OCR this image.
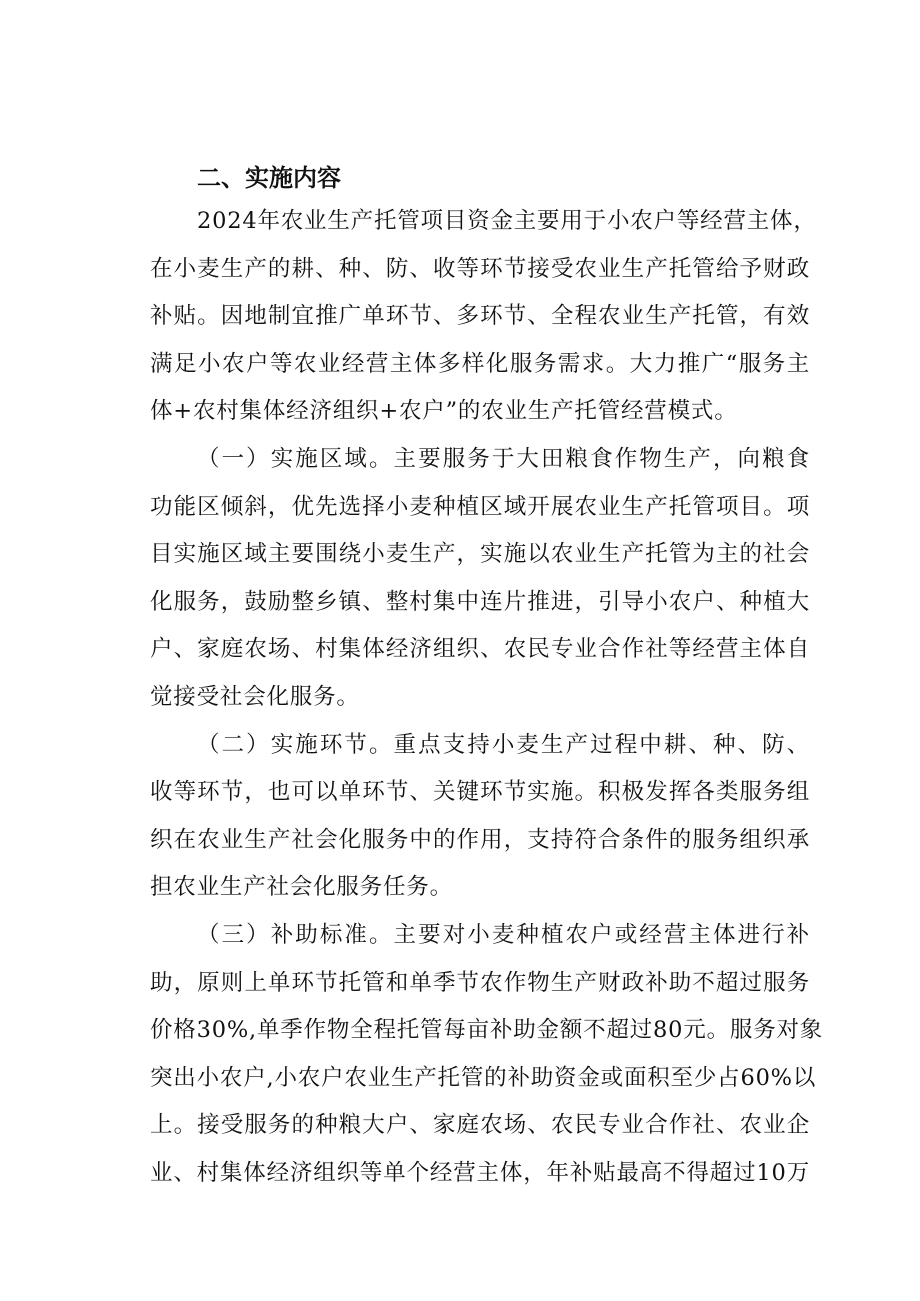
二、实施内容
2024年农业生产托管项目资金主要用于小农户等经营主体，
在小麦生产的耕、种、防、收等环节接受农业生产托管给予财政
补贴。因地制宜推广单环节、多环节、全程农业生产托管，有效
满足小农户等农业经营主体多样化服务需求。大力推广“服务主
体+农村集体经济组织+农户”的农业生产托管经营模式。
（一）实施区域。主要服务于大田粮食作物生产，向粮食
功能区倾斜，优先选择小麦种植区域开展农业生产托管项目。项
目实施区域主要围绕小麦生产，实施以农业生产托管为主的社会
化服务，鼓励整乡镇、整村集中连片推进，引导小农户、种植大
户、家庭农场、村集体经济组织、农民专业合作社等经营主体自
觉接受社会化服务。
（二）实施环节。重点支持小麦生产过程中耕、种、防、
收等环节，也可以单环节、关键环节实施。积极发挥各类服务组
织在农业生产社会化服务中的作用，支持符合条件的服务组织承
担农业生产社会化服务任务。
（三）补助标准。主要对小麦种植农户或经营主体进行补
助，原则上单环节托管和单季节农作物生产财政补助不超过服务
价格30%,单季作物全程托管每亩补助金额不超过80元。服务对象
突出小农户,小农户农业生产托管的补助资金或面积至少占60%以
上。接受服务的种粮大户、家庭农场、农民专业合作社、农业企
业、村集体经济组织等单个经营主体，年补贴最高不得超过10万
